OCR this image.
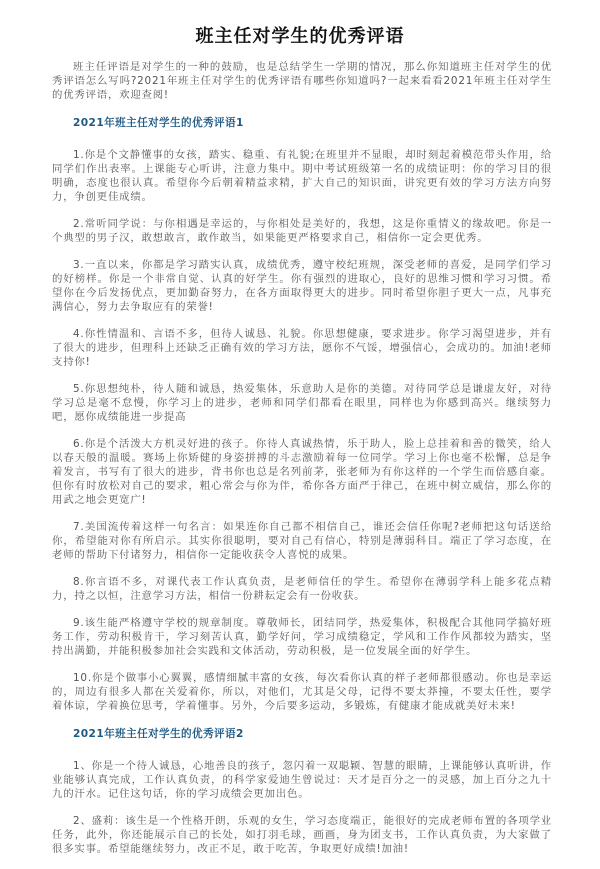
班主任对学生的优秀评语

班主任评语是对学生的一种的鼓励，也是总结学生一学期的情况，那么你知道班主任对学生的优秀评语怎么写吗?2021年班主任对学生的优秀评语有哪些你知道吗?一起来看看2021年班主任对学生的优秀评语，欢迎查阅!

2021年班主任对学生的优秀评语1

1.你是个文静懂事的女孩，踏实、稳重、有礼貌;在班里并不显眼，却时刻起着模范带头作用，给同学们作出表率。上课能专心听讲，注意力集中。期中考试班级第一名的成绩证明：你的学习目的很明确，态度也很认真。希望你今后朝着精益求精，扩大自己的知识面，讲究更有效的学习方法方向努力，争创更佳成绩。

2.常听同学说：与你相遇是幸运的，与你相处是美好的，我想，这是你重情义的缘故吧。你是一个典型的男子汉，敢想敢言，敢作敢当，如果能更严格要求自己，相信你一定会更优秀。

3.一直以来，你都是学习踏实认真，成绩优秀，遵守校纪班规，深受老师的喜爱，是同学们学习的好榜样。你是一个非常自觉、认真的好学生。你有强烈的进取心，良好的思维习惯和学习习惯。希望你在今后发扬优点，更加勤奋努力，在各方面取得更大的进步。同时希望你胆子更大一点，凡事充满信心，努力去争取应有的荣誉!

4.你性情温和、言语不多，但待人诚恳、礼貌。你思想健康，要求进步。你学习渴望进步，并有了很大的进步，但理科上还缺乏正确有效的学习方法，愿你不气馁，增强信心，会成功的。加油!老师支持你!

5.你思想纯朴，待人随和诚恳，热爱集体，乐意助人是你的美德。对待同学总是谦虚友好，对待学习总是毫不怠慢，你学习上的进步，老师和同学们都看在眼里，同样也为你感到高兴。继续努力吧，愿你成绩能进一步提高

6.你是个活泼大方机灵好进的孩子。你待人真诚热情，乐于助人，脸上总挂着和善的微笑，给人以春天般的温暖。赛场上你矫健的身姿拼搏的斗志激励着每一位同学。学习上你也毫不松懈，总是争着发言，书写有了很大的进步，背书你也总是名列前茅，张老师为有你这样的一个学生而倍感自豪。但你有时放松对自己的要求，粗心常会与你为伴，希你各方面严于律己，在班中树立威信，那么你的用武之地会更宽广!

7.美国流传着这样一句名言：如果连你自己都不相信自己，谁还会信任你呢?老师把这句话送给你，希望能对你有所启示。其实你很聪明，要对自己有信心，特别是薄弱科目。端正了学习态度，在老师的帮助下付诸努力，相信你一定能收获令人喜悦的成果。

8.你言语不多，对课代表工作认真负责，是老师信任的学生。希望你在薄弱学科上能多花点精力，持之以恒，注意学习方法，相信一份耕耘定会有一份收获。

9.该生能严格遵守学校的规章制度。尊敬师长，团结同学，热爱集体，积极配合其他同学搞好班务工作，劳动积极肯干，学习刻苦认真，勤学好问，学习成绩稳定，学风和工作作风都较为踏实，坚持出满勤，并能积极参加社会实践和文体活动，劳动积极，是一位发展全面的好学生。

10.你是个做事小心翼翼，感情细腻丰富的女孩，每次看你认真的样子老师都很感动。你也是幸运的，周边有很多人都在关爱着你，所以，对他们，尤其是父母，记得不要太莽撞，不要太任性，要学着体谅，学着换位思考，学着懂事。另外，今后要多运动，多锻炼，有健康才能成就美好未来!

2021年班主任对学生的优秀评语2

1、你是一个待人诚恳，心地善良的孩子，忽闪着一双聪颖、智慧的眼睛，上课能够认真听讲，作业能够认真完成，工作认真负责，的科学家爱迪生曾说过：天才是百分之一的灵感，加上百分之九十九的汗水。记住这句话，你的学习成绩会更加出色。

2、盛莉：该生是一个性格开朗，乐观的女生，学习态度端正，能很好的完成老师布置的各项学业任务，此外，你还能展示自己的长处，如打羽毛球，画画，身为团支书，工作认真负责，为大家做了很多实事。希望能继续努力，改正不足，敢于吃苦，争取更好成绩!加油!
